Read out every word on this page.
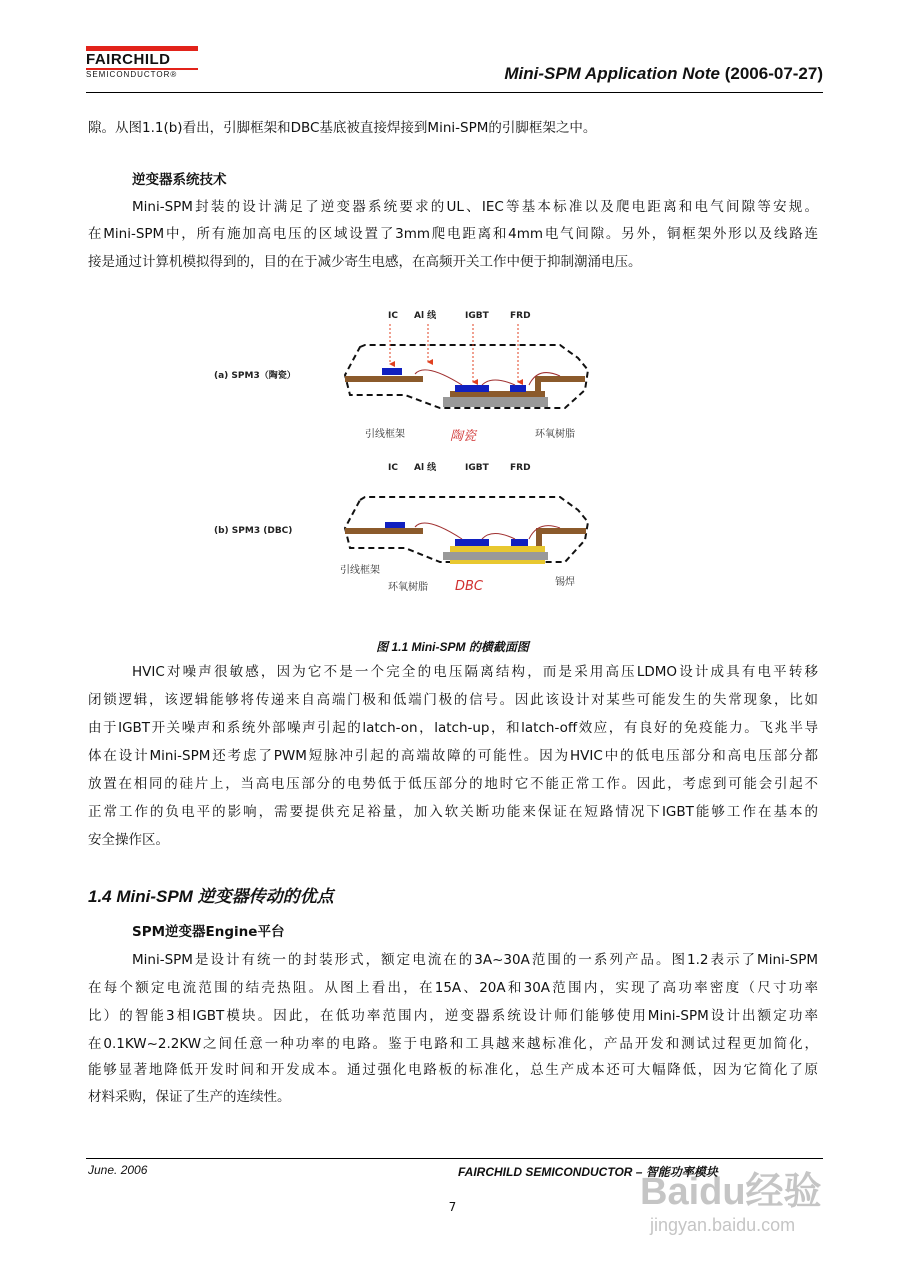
FAIRCHILD
SEMICONDUCTOR®	Mini-SPM Application Note (2006-07-27)
隙。从图1.1(b)看出，引脚框架和DBC基底被直接焊接到Mini-SPM的引脚框架之中。
逆变器系统技术
Mini-SPM封装的设计满足了逆变器系统要求的UL、IEC等基本标准以及爬电距离和电气间隙等安规。
在Mini-SPM中，所有施加高电压的区域设置了3mm爬电距离和4mm电气间隙。另外，铜框架外形以及线路连
接是通过计算机模拟得到的，目的在于减少寄生电感，在高频开关工作中便于抑制潮涌电压。
(a) SPM3（陶瓷）
IC Al 线	IGBT FRD
(b) SPM3 (DBC)
IC Al 线	IGBT FRD
引线框架	环氧树脂
引线框架
环氧树脂	锡焊
陶瓷
DBC
图 1.1 Mini-SPM 的横截面图
HVIC对噪声很敏感，因为它不是一个完全的电压隔离结构，而是采用高压LDMO设计成具有电平转移
闭锁逻辑，该逻辑能够将传递来自高端门极和低端门极的信号。因此该设计对某些可能发生的失常现象，比如
由于IGBT开关噪声和系统外部噪声引起的latch-on，latch-up，和latch-off效应，有良好的免疫能力。飞兆半导
体在设计Mini-SPM还考虑了PWM短脉冲引起的高端故障的可能性。因为HVIC中的低电压部分和高电压部分都
放置在相同的硅片上，当高电压部分的电势低于低压部分的地时它不能正常工作。因此，考虑到可能会引起不
正常工作的负电平的影响，需要提供充足裕量，加入软关断功能来保证在短路情况下IGBT能够工作在基本的
安全操作区。
1.4 Mini-SPM 逆变器传动的优点
SPM逆变器Engine平台
Mini-SPM是设计有统一的封装形式，额定电流在的3A~30A范围的一系列产品。图1.2表示了Mini-SPM
在每个额定电流范围的结壳热阻。从图上看出，在15A、20A和30A范围内，实现了高功率密度（尺寸功率
比）的智能3相IGBT模块。因此，在低功率范围内，逆变器系统设计师们能够使用Mini-SPM设计出额定功率
在0.1KW~2.2KW之间任意一种功率的电路。鉴于电路和工具越来越标准化，产品开发和测试过程更加简化，
能够显著地降低开发时间和开发成本。通过强化电路板的标准化，总生产成本还可大幅降低，因为它简化了原
材料采购，保证了生产的连续性。
June. 2006	FAIRCHILD SEMICONDUCTOR – 智能功率模块
7	Baidu经验
jingyan.baidu.com
